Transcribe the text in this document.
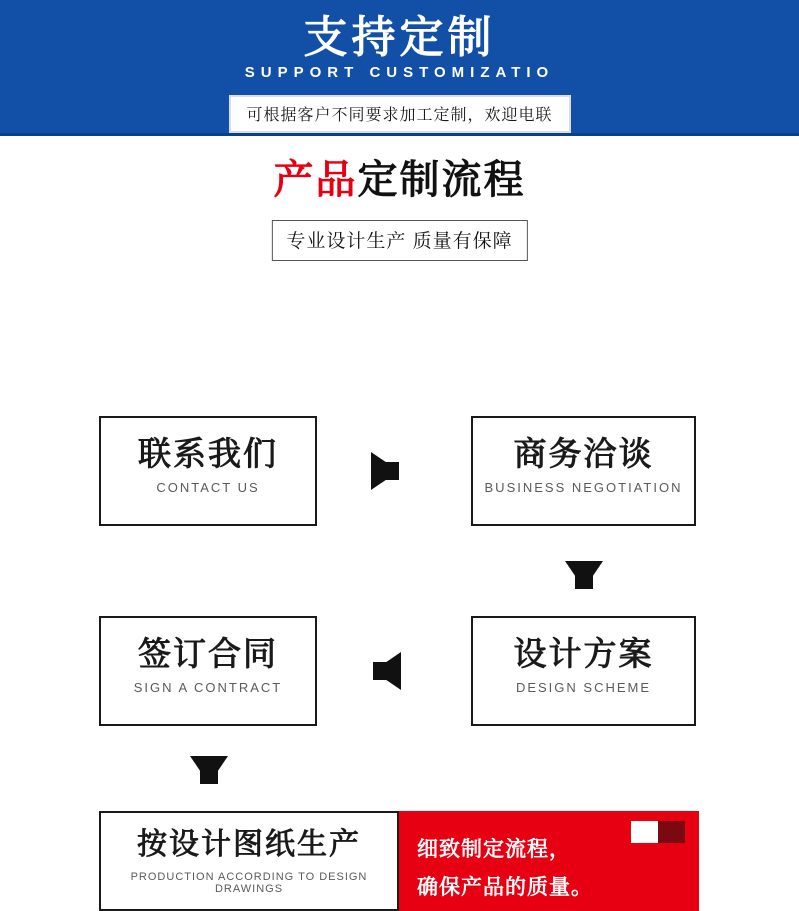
支持定制
SUPPORT CUSTOMIZATIO
可根据客户不同要求加工定制，欢迎电联
产品定制流程
专业设计生产 质量有保障
联系我们
CONTACT US
商务洽谈
BUSINESS NEGOTIATION
设计方案
DESIGN SCHEME
签订合同
SIGN A CONTRACT
按设计图纸生产
PRODUCTION ACCORDING TO DESIGN DRAWINGS
细致制定流程，
确保产品的质量。
